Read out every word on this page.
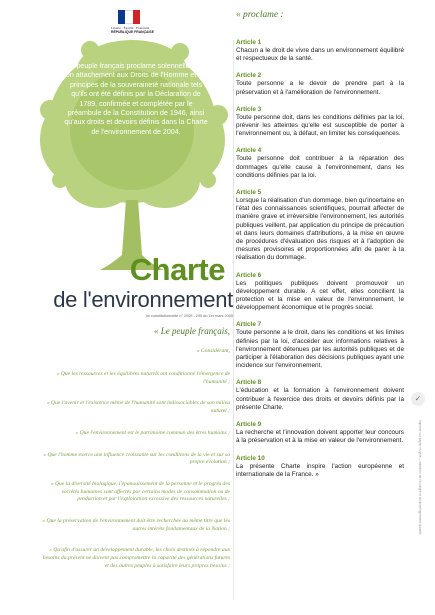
Liberté · Égalité · Fraternité
RÉPUBLIQUE FRANÇAISE
Le peuple français proclame solennellement son attachement aux Droits de l'Homme et aux principes de la souveraineté nationale tels qu'ils ont été définis par la Déclaration de 1789, confirmée et complétée par le préambule de la Constitution de 1946, ainsi qu'aux droits et devoirs définis dans la Charte de l'environnement de 2004.
Charte
de l'environnement
loi constitutionnelle n° 2005 - 205 du 1er mars 2005
« Le peuple français,
« Considérant,
« Que les ressources et les équilibres naturels ont conditionné l'émergence de l'humanité ;
« Que l'avenir et l'existence même de l'humanité sont indissociables de son milieu naturel ;
« Que l'environnement est le patrimoine commun des êtres humains ;
« Que l'homme exerce une influence croissante sur les conditions de la vie et sur sa propre évolution ;
« Que la diversité biologique, l'épanouissement de la personne et le progrès des sociétés humaines sont affectés par certains modes de consommation ou de production et par l'exploitation excessive des ressources naturelles ;
« Que la préservation de l'environnement doit être recherchée au même titre que les autres intérêts fondamentaux de la Nation ;
« Qu'afin d'assurer un développement durable, les choix destinés à répondre aux besoins du présent ne doivent pas compromettre la capacité des générations futures et des autres peuples à satisfaire leurs propres besoins :
« proclame :
Article 1
Chacun a le droit de vivre dans un environnement équilibré et respectueux de la santé.
Article 2
Toute personne a le devoir de prendre part à la préservation et à l'amélioration de l'environnement.
Article 3
Toute personne doit, dans les conditions définies par la loi, prévenir les atteintes qu'elle est susceptible de porter à l'environnement ou, à défaut, en limiter les conséquences.
Article 4
Toute personne doit contribuer à la réparation des dommages qu'elle cause à l'environnement, dans les conditions définies par la loi.
Article 5
Lorsque la réalisation d'un dommage, bien qu'incertaine en l'état des connaissances scientifiques, pourrait affecter de manière grave et irréversible l'environnement, les autorités publiques veillent, par application du principe de précaution et dans leurs domaines d'attributions, à la mise en œuvre de procédures d'évaluation des risques et à l'adoption de mesures provisoires et proportionnées afin de parer à la réalisation du dommage.
Article 6
Les politiques publiques doivent promouvoir un développement durable. A cet effet, elles concilient la protection et la mise en valeur de l'environnement, le développement économique et le progrès social.
Article 7
Toute personne a le droit, dans les conditions et les limites définies par la loi, d'accéder aux informations relatives à l'environnement détenues par les autorités publiques et de participer à l'élaboration des décisions publiques ayant une incidence sur l'environnement.
Article 8
L'éducation et la formation à l'environnement doivent contribuer à l'exercice des droits et devoirs définis par la présente Charte.
Article 9
La recherche et l'innovation doivent apporter leur concours à la préservation et à la mise en valeur de l'environnement.
Article 10
La présente Charte inspire l'action européenne et internationale de la France. »
✓
Imprimé sur papier recyclé – ministère de l'écologie et du développement durable
